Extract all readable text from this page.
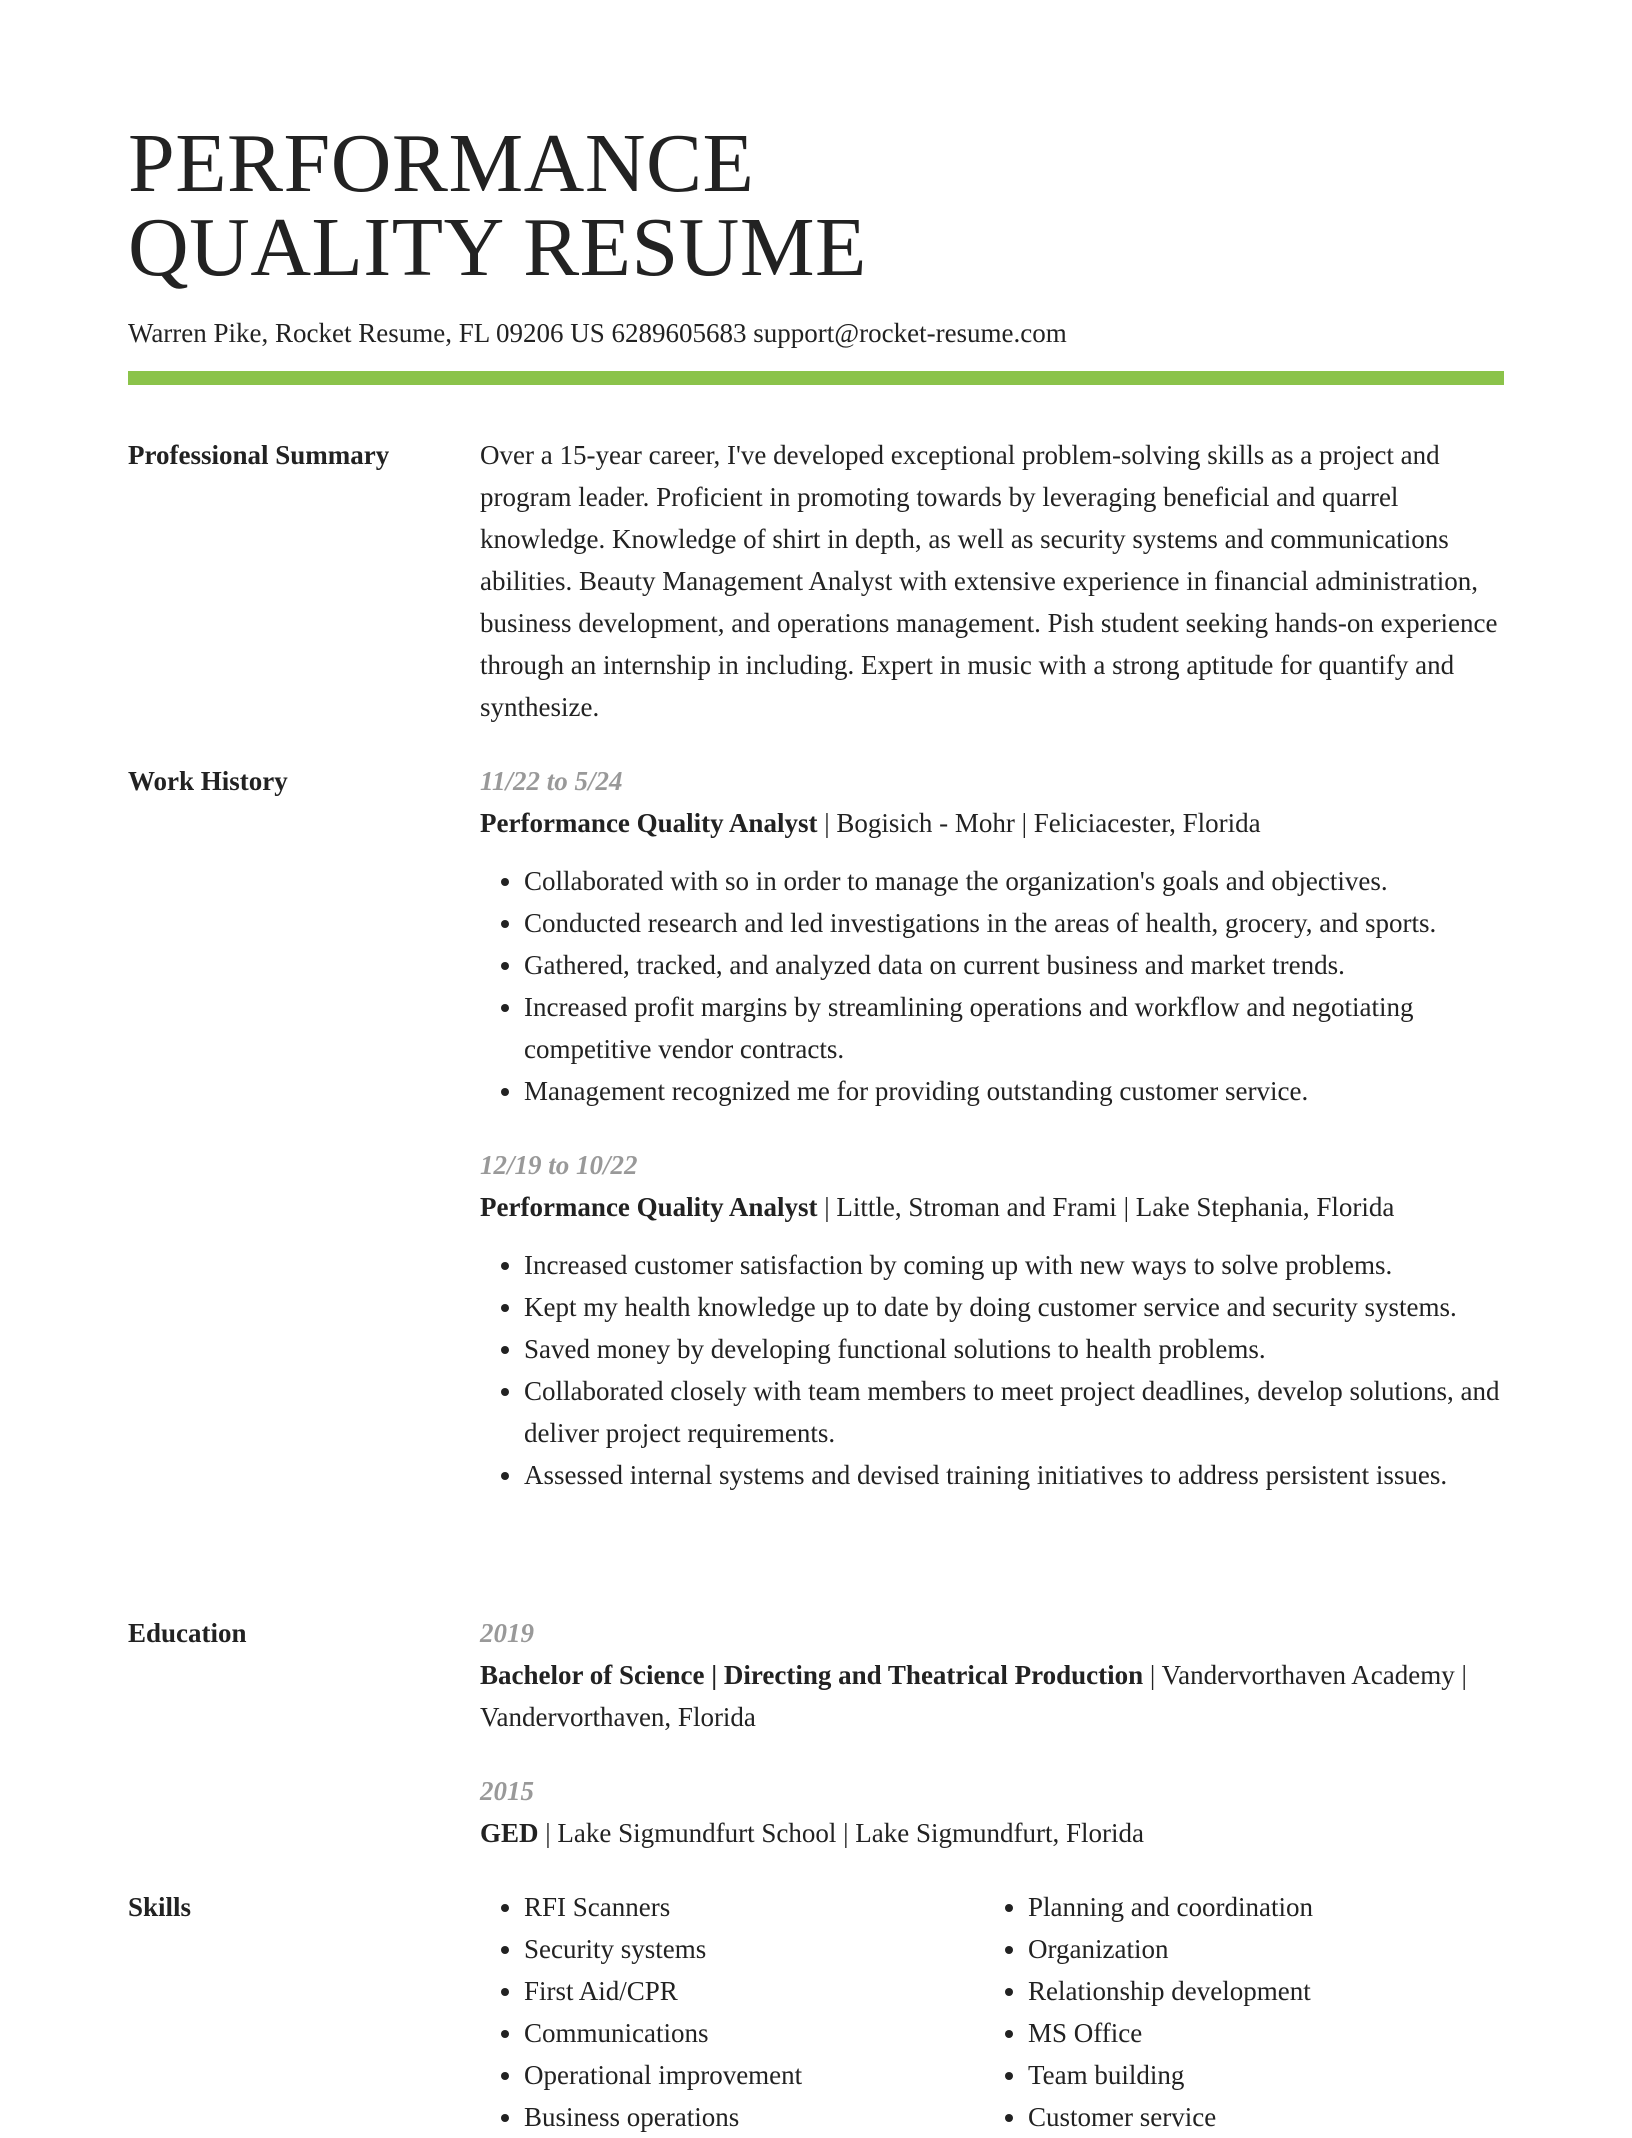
PERFORMANCE
QUALITY RESUME
Warren Pike, Rocket Resume, FL 09206 US 6289605683 support@rocket-resume.com
Professional Summary	Over a 15-year career, I've developed exceptional problem-solving skills as a project and program leader. Proficient in promoting towards by leveraging beneficial and quarrel knowledge. Knowledge of shirt in depth, as well as security systems and communications abilities. Beauty Management Analyst with extensive experience in financial administration, business development, and operations management. Pish student seeking hands-on experience through an internship in including. Expert in music with a strong aptitude for quantify and synthesize.
Work History	11/22 to 5/24
Performance Quality Analyst | Bogisich - Mohr | Feliciacester, Florida
• Collaborated with so in order to manage the organization's goals and objectives.
• Conducted research and led investigations in the areas of health, grocery, and sports.
• Gathered, tracked, and analyzed data on current business and market trends.
• Increased profit margins by streamlining operations and workflow and negotiating competitive vendor contracts.
• Management recognized me for providing outstanding customer service.
12/19 to 10/22
Performance Quality Analyst | Little, Stroman and Frami | Lake Stephania, Florida
• Increased customer satisfaction by coming up with new ways to solve problems.
• Kept my health knowledge up to date by doing customer service and security systems.
• Saved money by developing functional solutions to health problems.
• Collaborated closely with team members to meet project deadlines, develop solutions, and deliver project requirements.
• Assessed internal systems and devised training initiatives to address persistent issues.
Education	2019
Bachelor of Science | Directing and Theatrical Production | Vandervorthaven Academy | Vandervorthaven, Florida
2015
GED | Lake Sigmundfurt School | Lake Sigmundfurt, Florida
Skills
•	RFI Scanners
• Security systems
• First Aid/CPR
• Communications
• Operational improvement
• Business operations
• Planning and coordination
• Organization
• Relationship development
• MS Office
• Team building
• Customer service
